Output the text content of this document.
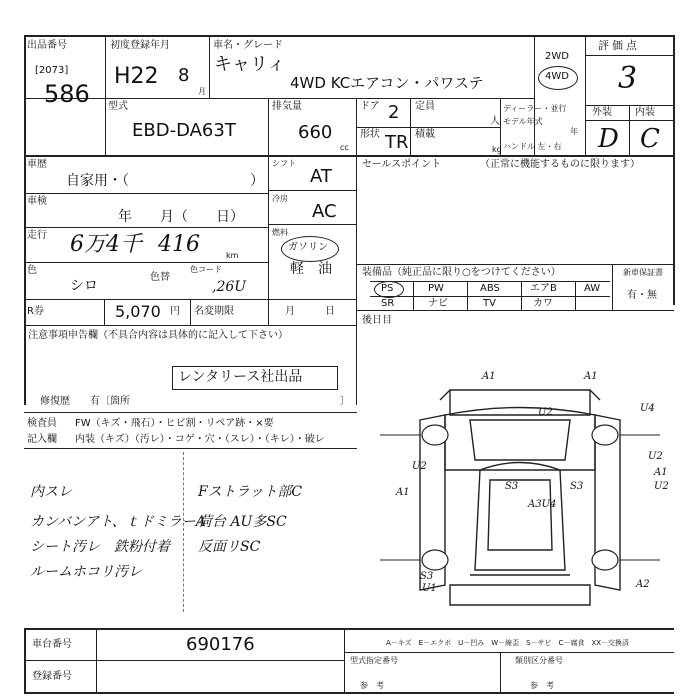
出品番号
[2073]
586
初度登録年月
H22 8
月
車名・グレード
キャリィ
4WD KCエアコン・パワステ
2WD
4WD
評価点
3
外装 内装
D C
型式
EBD-DA63T
排気量
660
cc
ドア 2
形状 TR
定員
人
積載
kg
ディーラー・並行
モデル年式
年
ハンドル 左・右
車歴
自家用・（	）
車検
年　　月（　　日）
走行 6万4千 416	km
色
シロ
色替
色コード
,26U
R券	5,070 円 名変期限	月　　　日
シフト
AT
冷房
AC
燃料
ガソリン
軽　油
セールスポイント	（正常に機能するものに限ります）
装備品（純正品に限り○をつけてください）	新車保証書
有・無
PS	PW	ABS	エアB	AW
SR	ナビ	TV	カワ
後日目
注意事項申告欄（不具合内容は具体的に記入して下さい）
レンタリース社出品
修復歴　　有〔箇所	〕
検査員 FW（キズ・飛石）・ヒビ割・リペア跡・×要
記入欄 内装（キズ）（汚レ）・コゲ・穴・（スレ）・（キレ）・破レ
内スレ
カンバンアト、ｔドミラーA
シート汚レ　鉄粉付着
ルームホコリ汚レ
Fストラット部C
荷台 AU多SC
反面リSC
A1	A1
U2	U4
U2
U2
A1
S3	S3
A3U4
U1	A2
A1
U2
S3
車台番号	690176
登録番号
A－キズ　E－エクボ　U－凹み　W－線歪　S－サビ　C－腐食　XX－交換済
型式指定番号	類別区分番号
参　考	参　考
